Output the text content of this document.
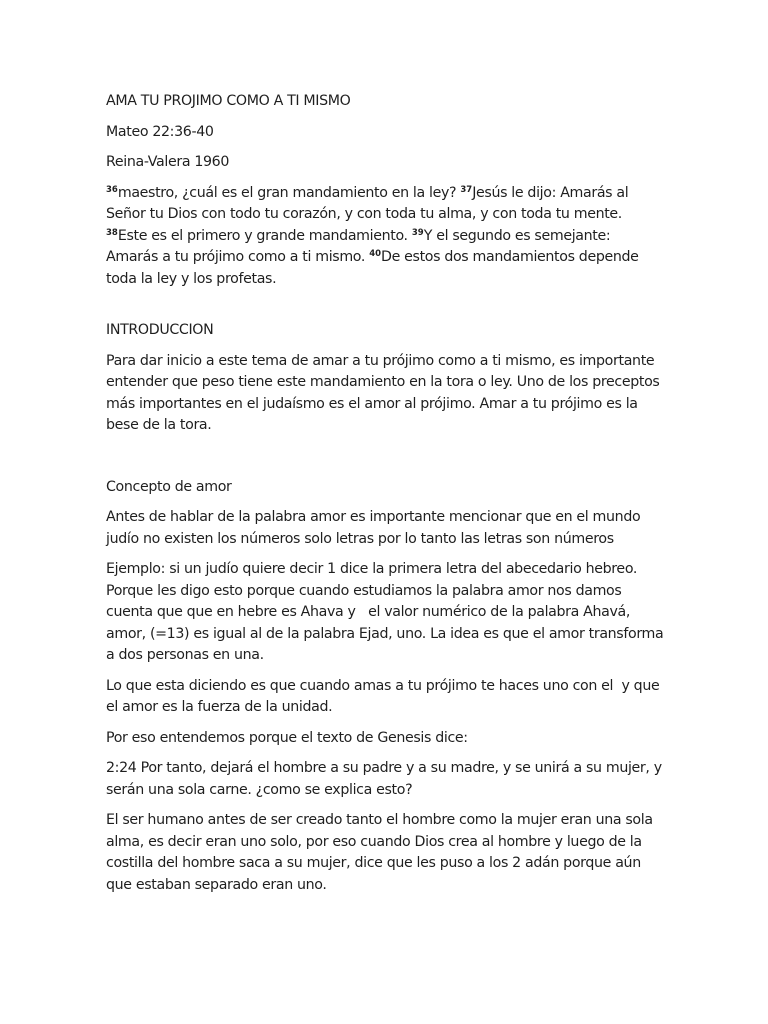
AMA TU PROJIMO COMO A TI MISMO

Mateo 22:36-40

Reina-Valera 1960

$^{36}$maestro, ¿cuál es el gran mandamiento en la ley? $^{37}$Jesús le dijo: Amarás al Señor tu Dios con todo tu corazón, y con toda tu alma, y con toda tu mente. $^{38}$Este es el primero y grande mandamiento. $^{39}$Y el segundo es semejante: Amarás a tu prójimo como a ti mismo. $^{40}$De estos dos mandamientos depende toda la ley y los profetas.

INTRODUCCION

Para dar inicio a este tema de amar a tu prójimo como a ti mismo, es importante entender que peso tiene este mandamiento en la tora o ley. Uno de los preceptos más importantes en el judaísmo es el amor al prójimo. Amar a tu prójimo es la bese de la tora.

Concepto de amor

Antes de hablar de la palabra amor es importante mencionar que en el mundo judío no existen los números solo letras por lo tanto las letras son números

Ejemplo: si un judío quiere decir 1 dice la primera letra del abecedario hebreo. Porque les digo esto porque cuando estudiamos la palabra amor nos damos cuenta que que en hebre es Ahava y   el valor numérico de la palabra Ahavá, amor, (=13) es igual al de la palabra Ejad, uno. La idea es que el amor transforma a dos personas en una.

Lo que esta diciendo es que cuando amas a tu prójimo te haces uno con el  y que el amor es la fuerza de la unidad.

Por eso entendemos porque el texto de Genesis dice:

2:24 Por tanto, dejará el hombre a su padre y a su madre, y se unirá a su mujer, y serán una sola carne. ¿como se explica esto?

El ser humano antes de ser creado tanto el hombre como la mujer eran una sola alma, es decir eran uno solo, por eso cuando Dios crea al hombre y luego de la costilla del hombre saca a su mujer, dice que les puso a los 2 adán porque aún que estaban separado eran uno.
